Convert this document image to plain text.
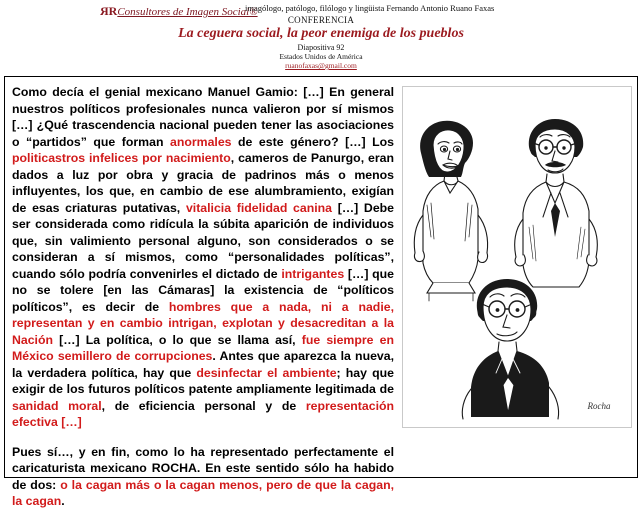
ЯRConsultores de Imagen Social®
imagólogo, patólogo, filólogo y lingüista Fernando Antonio Ruano Faxas
CONFERENCIA
La ceguera social, la peor enemiga de los pueblos
Diapositiva 92
Estados Unidos de América
ruanofaxas@gmail.com

Como decía el genial mexicano Manuel Gamio: […] En general nuestros políticos profesionales nunca valieron por sí mismos […] ¿Qué trascendencia nacional pueden tener las asociaciones o “partidos” que forman anormales de este género? […] Los politicastros infelices por nacimiento, cameros de Panurgo, eran dados a luz por obra y gracia de padrinos más o menos influyentes, los que, en cambio de ese alumbramiento, exigían de esas criaturas putativas, vitalicia fidelidad canina […] Debe ser considerada como ridícula la súbita aparición de individuos que, sin valimiento personal alguno, son considerados o se consideran a sí mismos, como “personalidades políticas”, cuando sólo podría convenirles el dictado de intrigantes […] que no se tolere [en las Cámaras] la existencia de “políticos políticos”, es decir de hombres que a nada, ni a nadie, representan y en cambio intrigan, explotan y desacreditan a la Nación […] La política, o lo que se llama así, fue siempre en México semillero de corrupciones. Antes que aparezca la nueva, la verdadera política, hay que desinfectar el ambiente; hay que exigir de los futuros políticos patente ampliamente legitimada de sanidad moral, de eficiencia personal y de representación efectiva […]

Pues sí…, y en fin, como lo ha representado perfectamente el caricaturista mexicano ROCHA. En este sentido sólo ha habido de dos: o la cagan más o la cagan menos, pero de que la cagan, la cagan.

Rocha
